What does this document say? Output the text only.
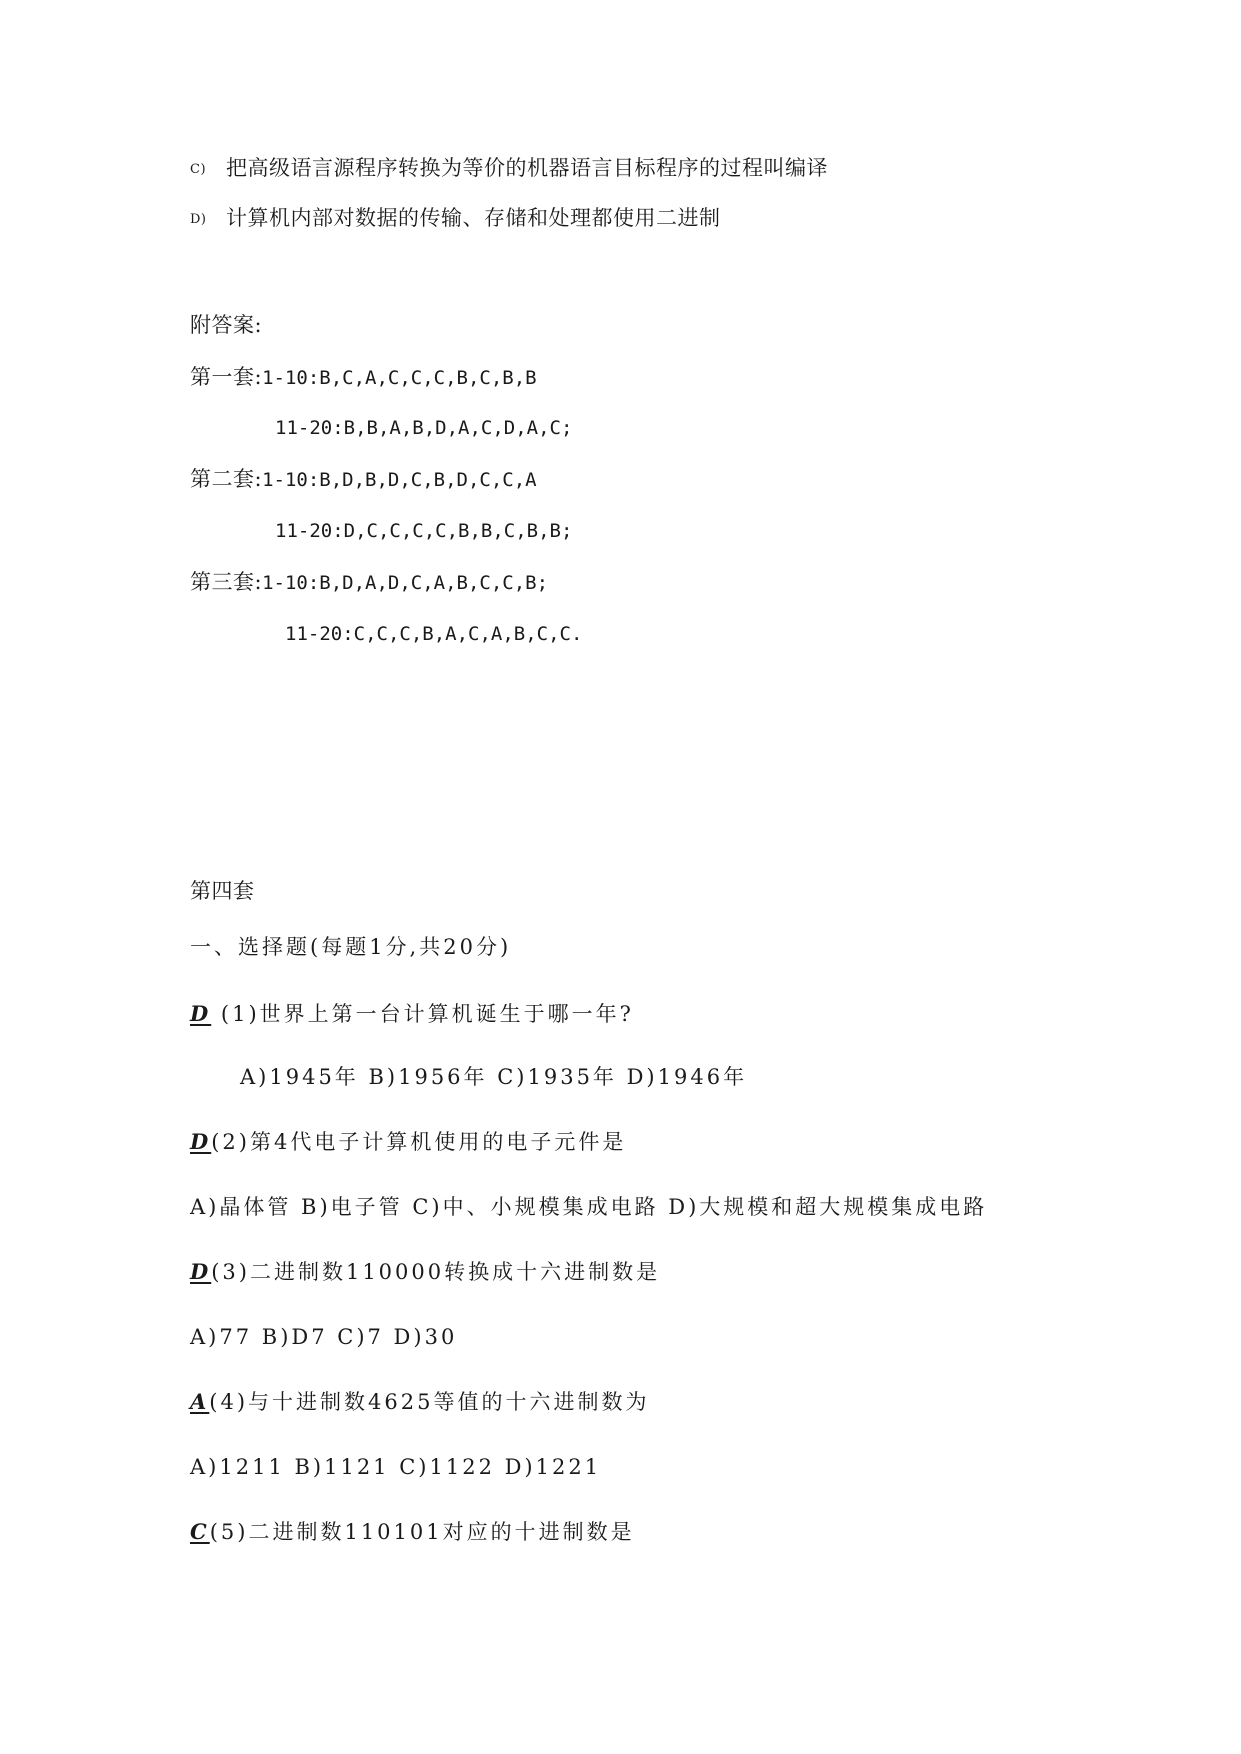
C) 把高级语言源程序转换为等价的机器语言目标程序的过程叫编译
D) 计算机内部对数据的传输、存储和处理都使用二进制
附答案:
第一套:1-10:B,C,A,C,C,C,B,C,B,B
11-20:B,B,A,B,D,A,C,D,A,C;
第二套:1-10:B,D,B,D,C,B,D,C,C,A
11-20:D,C,C,C,C,B,B,C,B,B;
第三套:1-10:B,D,A,D,C,A,B,C,C,B;
11-20:C,C,C,B,A,C,A,B,C,C.
第四套
一、选择题(每题1分,共20分)
D (1)世界上第一台计算机诞生于哪一年?
A)1945年 B)1956年 C)1935年 D)1946年
D(2)第4代电子计算机使用的电子元件是
A)晶体管 B)电子管 C)中、小规模集成电路 D)大规模和超大规模集成电路
D(3)二进制数110000转换成十六进制数是
A)77 B)D7 C)7 D)30
A(4)与十进制数4625等值的十六进制数为
A)1211 B)1121 C)1122 D)1221
C(5)二进制数110101对应的十进制数是
